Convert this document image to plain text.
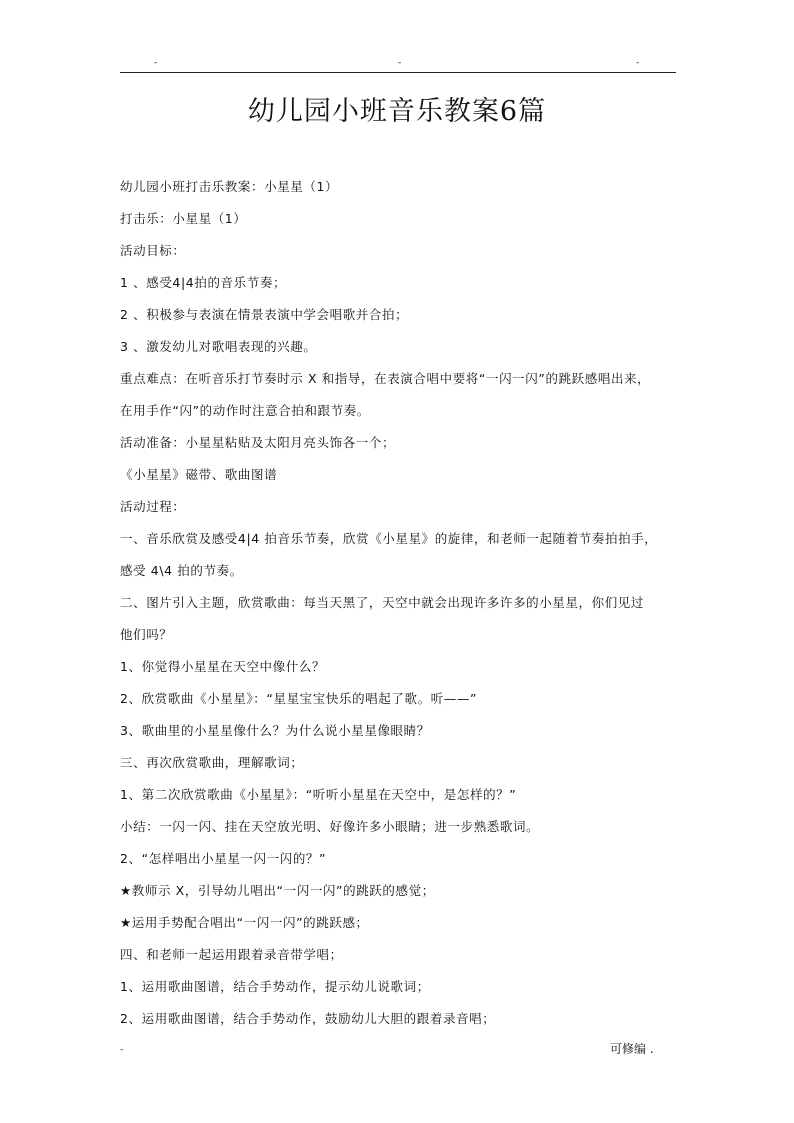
-	-	-
幼儿园小班音乐教案6篇
幼儿园小班打击乐教案：小星星（1）
打击乐：小星星（1）
活动目标：
1 、感受4|4拍的音乐节奏；
2 、积极参与表演在情景表演中学会唱歌并合拍；
3 、激发幼儿对歌唱表现的兴趣。
重点难点：在听音乐打节奏时示 X 和指导，在表演合唱中要将“一闪一闪”的跳跃感唱出来，
在用手作“闪”的动作时注意合拍和跟节奏。
活动准备：小星星粘贴及太阳月亮头饰各一个；
《小星星》磁带、歌曲图谱
活动过程：
一、音乐欣赏及感受4|4 拍音乐节奏，欣赏《小星星》的旋律，和老师一起随着节奏拍拍手，
感受 4\4 拍的节奏。
二、图片引入主题，欣赏歌曲：每当天黑了，天空中就会出现许多许多的小星星，你们见过
他们吗？
1、你觉得小星星在天空中像什么？
2、欣赏歌曲《小星星》：“星星宝宝快乐的唱起了歌。听——”
3、歌曲里的小星星像什么？为什么说小星星像眼睛？
三、再次欣赏歌曲，理解歌词；
1、第二次欣赏歌曲《小星星》：“听听小星星在天空中，是怎样的？”
小结：一闪一闪、挂在天空放光明、好像许多小眼睛；进一步熟悉歌词。
2、“怎样唱出小星星一闪一闪的？”
★教师示 X，引导幼儿唱出“一闪一闪”的跳跃的感觉；
★运用手势配合唱出“一闪一闪”的跳跃感；
四、和老师一起运用跟着录音带学唱；
1、运用歌曲图谱，结合手势动作，提示幼儿说歌词；
2、运用歌曲图谱，结合手势动作，鼓励幼儿大胆的跟着录音唱；
-	可修编 .
